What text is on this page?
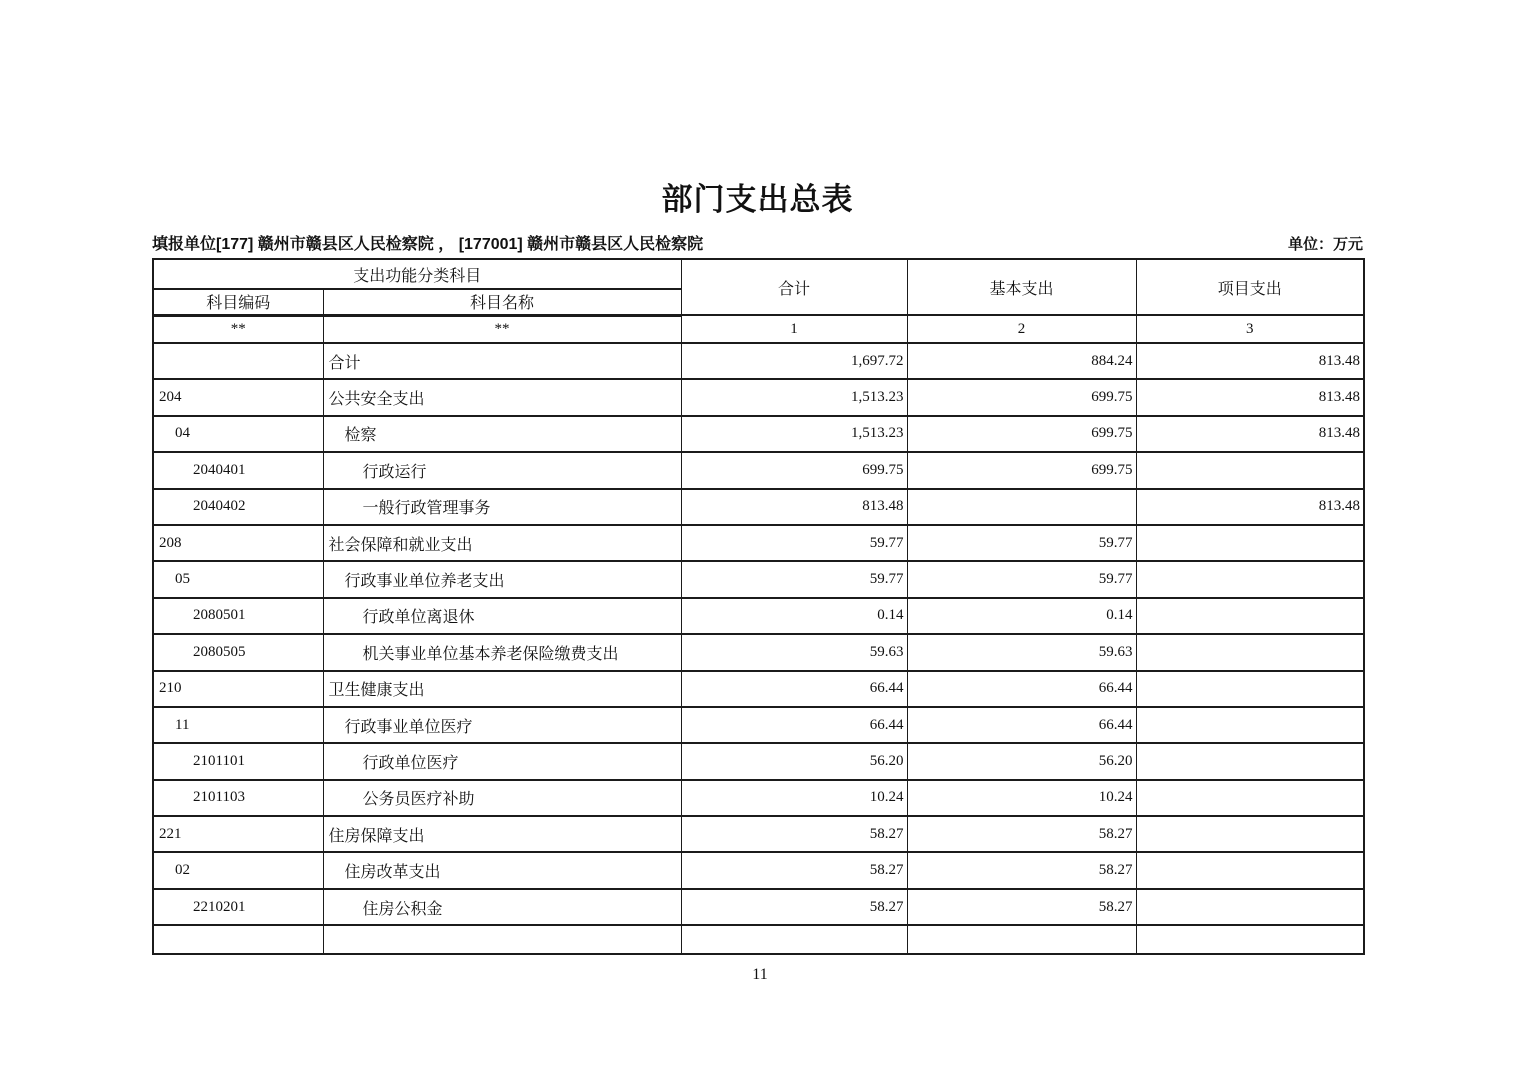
部门支出总表
填报单位[177] 赣州市赣县区人民检察院 ， [177001] 赣州市赣县区人民检察院	单位：万元
支出功能分类科目		合计	基本支出	项目支出
科目编码	科目名称			
**	**	1	2	3
	合计	1,697.72	884.24	813.48
204	公共安全支出	1,513.23	699.75	813.48
04	检察	1,513.23	699.75	813.48
2040401	行政运行	699.75	699.75	
2040402	一般行政管理事务	813.48		813.48
208	社会保障和就业支出	59.77	59.77	
05	行政事业单位养老支出	59.77	59.77	
2080501	行政单位离退休	0.14	0.14	
2080505	机关事业单位基本养老保险缴费支出	59.63	59.63	
210	卫生健康支出	66.44	66.44	
11	行政事业单位医疗	66.44	66.44	
2101101	行政单位医疗	56.20	56.20	
2101103	公务员医疗补助	10.24	10.24	
221	住房保障支出	58.27	58.27	
02	住房改革支出	58.27	58.27	
2210201	住房公积金	58.27	58.27	

11
